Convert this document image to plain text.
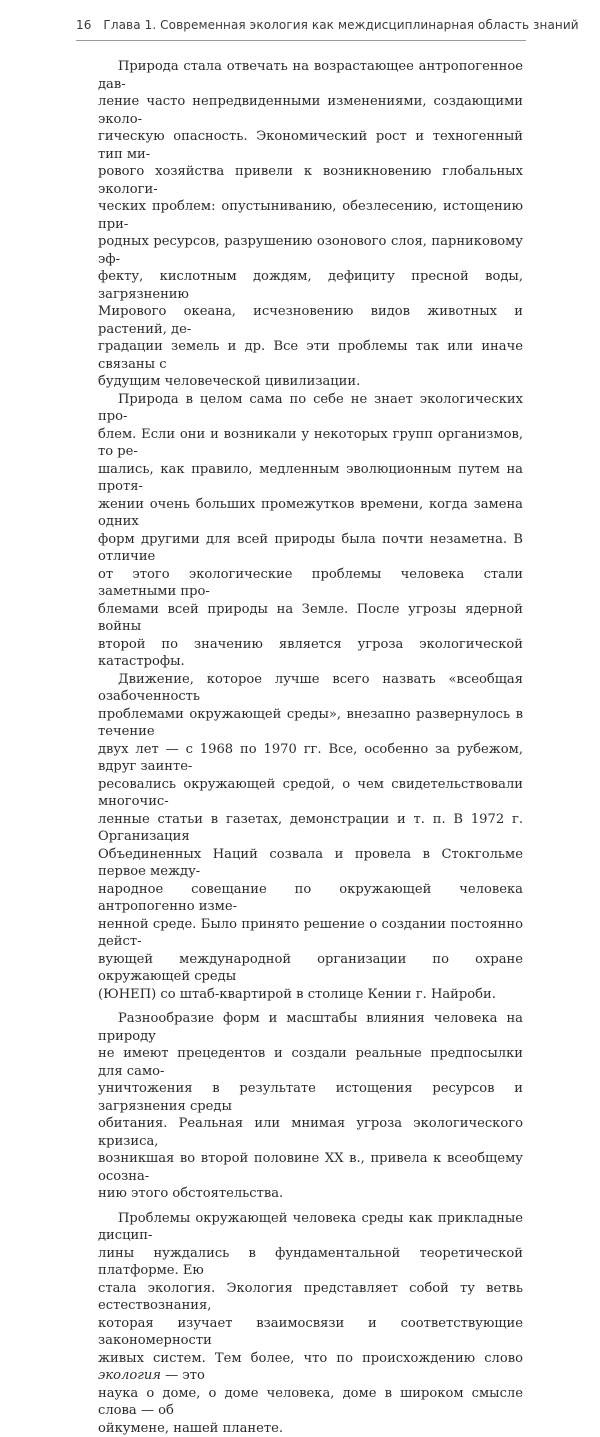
16 Глава 1. Современная экология как междисциплинарная область знаний

Природа стала отвечать на возрастающее антропогенное дав-
ление часто непредвиденными изменениями, создающими эколо-
гическую опасность. Экономический рост и техногенный тип ми-
рового хозяйства привели к возникновению глобальных экологи-
ческих проблем: опустыниванию, обезлесению, истощению при-
родных ресурсов, разрушению озонового слоя, парниковому эф-
фекту, кислотным дождям, дефициту пресной воды, загрязнению
Мирового океана, исчезновению видов животных и растений, де-
градации земель и др. Все эти проблемы так или иначе связаны с
будущим человеческой цивилизации.

Природа в целом сама по себе не знает экологических про-
блем. Если они и возникали у некоторых групп организмов, то ре-
шались, как правило, медленным эволюционным путем на протя-
жении очень больших промежутков времени, когда замена одних
форм другими для всей природы была почти незаметна. В отличие
от этого экологические проблемы человека стали заметными про-
блемами всей природы на Земле. После угрозы ядерной войны
второй по значению является угроза экологической катастрофы.

Движение, которое лучше всего назвать «всеобщая озабоченность
проблемами окружающей среды», внезапно развернулось в течение
двух лет — с 1968 по 1970 гг. Все, особенно за рубежом, вдруг заинте-
ресовались окружающей средой, о чем свидетельствовали многочис-
ленные статьи в газетах, демонстрации и т. п. В 1972 г. Организация
Объединенных Наций созвала и провела в Стокгольме первое между-
народное совещание по окружающей человека антропогенно изме-
ненной среде. Было принято решение о создании постоянно дейст-
вующей международной организации по охране окружающей среды
(ЮНЕП) со штаб-квартирой в столице Кении г. Найроби.

Разнообразие форм и масштабы влияния человека на природу
не имеют прецедентов и создали реальные предпосылки для само-
уничтожения в результате истощения ресурсов и загрязнения среды
обитания. Реальная или мнимая угроза экологического кризиса,
возникшая во второй половине XX в., привела к всеобщему осозна-
нию этого обстоятельства.

Проблемы окружающей человека среды как прикладные дисцип-
лины нуждались в фундаментальной теоретической платформе. Ею
стала экология. Экология представляет собой ту ветвь естествознания,
которая изучает взаимосвязи и соответствующие закономерности
живых систем. Тем более, что по происхождению слово экология — это
наука о доме, о доме человека, доме в широком смысле слова — об
ойкумене, нашей планете.
